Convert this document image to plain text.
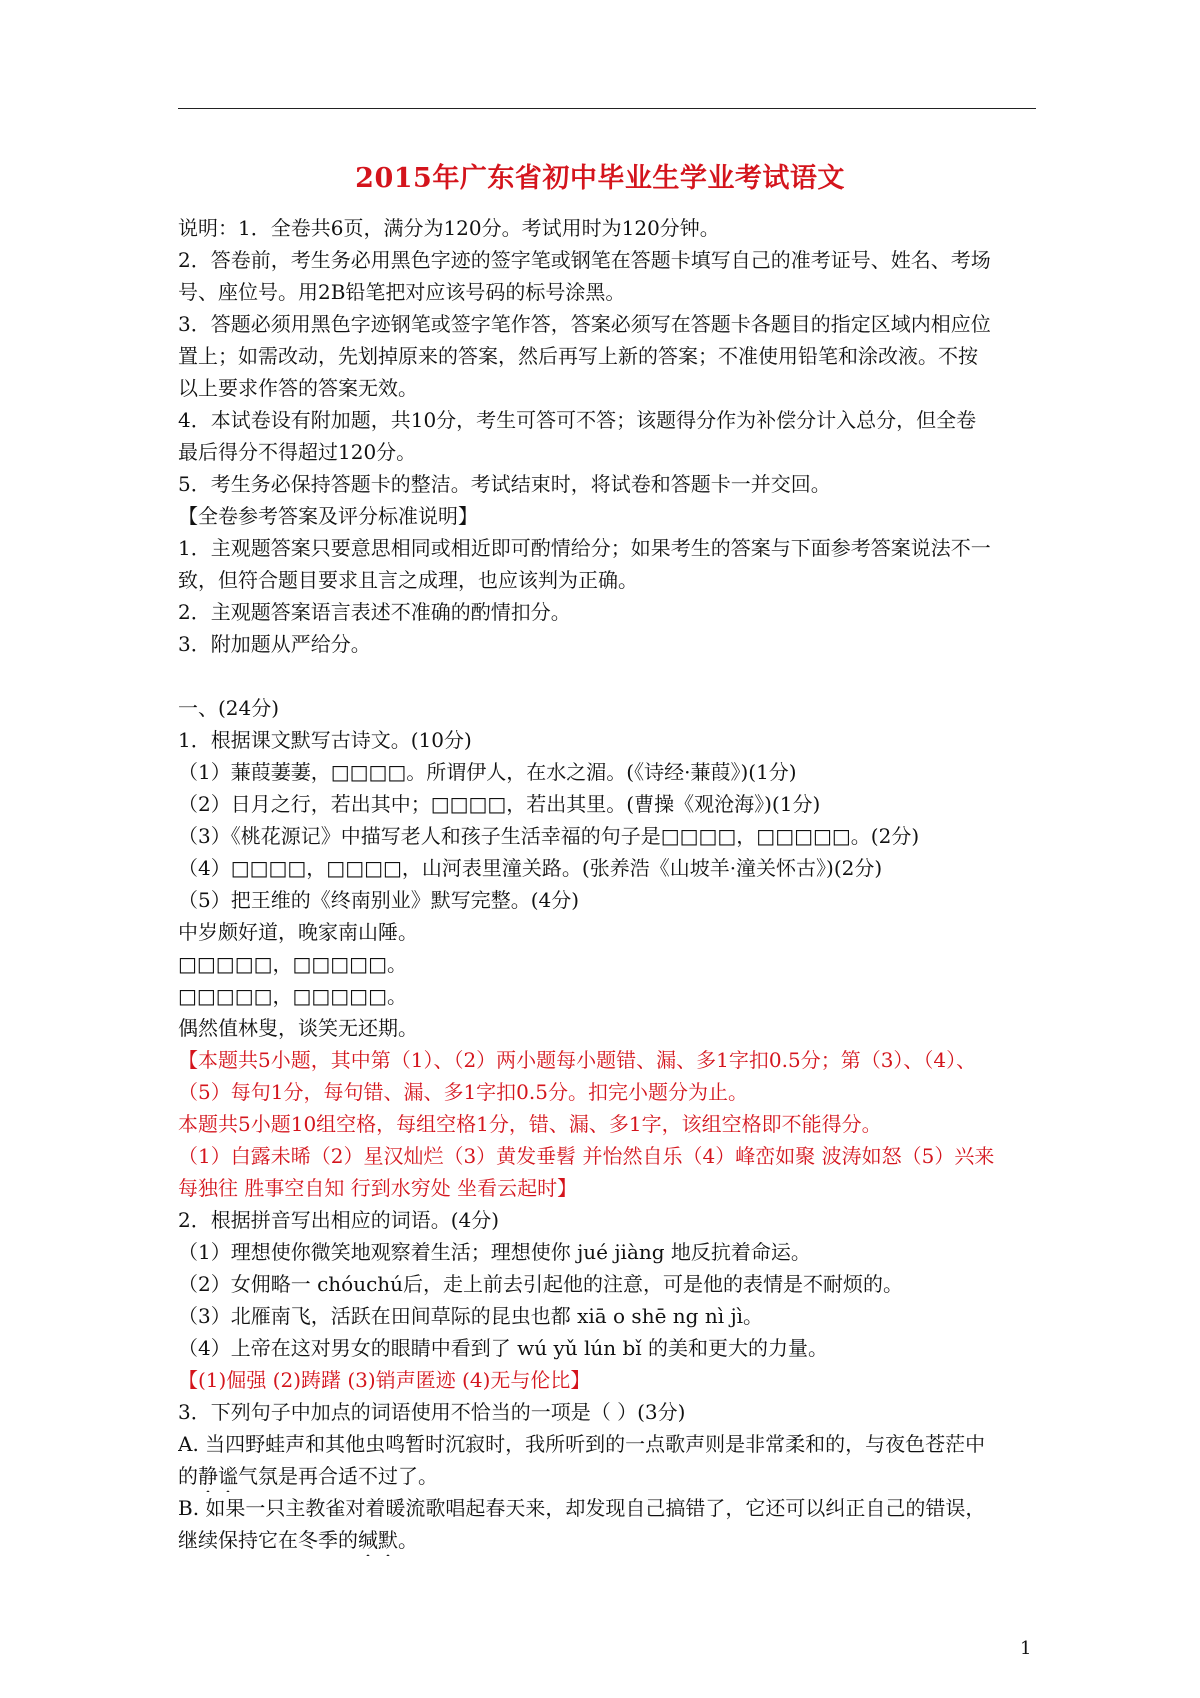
2015年广东省初中毕业生学业考试语文
说明：1．全卷共6页，满分为120分。考试用时为120分钟。
2．答卷前，考生务必用黑色字迹的签字笔或钢笔在答题卡填写自己的准考证号、姓名、考场
号、座位号。用2B铅笔把对应该号码的标号涂黑。
3．答题必须用黑色字迹钢笔或签字笔作答，答案必须写在答题卡各题目的指定区域内相应位
置上；如需改动，先划掉原来的答案，然后再写上新的答案；不准使用铅笔和涂改液。不按
以上要求作答的答案无效。
4．本试卷设有附加题，共10分，考生可答可不答；该题得分作为补偿分计入总分，但全卷
最后得分不得超过120分。
5．考生务必保持答题卡的整洁。考试结束时，将试卷和答题卡一并交回。
【全卷参考答案及评分标准说明】
1．主观题答案只要意思相同或相近即可酌情给分；如果考生的答案与下面参考答案说法不一
致，但符合题目要求且言之成理，也应该判为正确。
2．主观题答案语言表述不准确的酌情扣分。
3．附加题从严给分。
一、(24分)
1．根据课文默写古诗文。(10分)
（1）蒹葭萋萋，□□□□。所谓伊人，在水之湄。(《诗经·蒹葭》)(1分)
（2）日月之行，若出其中；□□□□，若出其里。(曹操《观沧海》)(1分)
（3）《桃花源记》中描写老人和孩子生活幸福的句子是□□□□，□□□□□。(2分)
（4）□□□□，□□□□，山河表里潼关路。(张养浩《山坡羊·潼关怀古》)(2分)
（5）把王维的《终南别业》默写完整。(4分)
中岁颇好道，晚家南山陲。
□□□□□，□□□□□。
□□□□□，□□□□□。
偶然值林叟，谈笑无还期。
【本题共5小题，其中第（1）、（2）两小题每小题错、漏、多1字扣0.5分；第（3）、（4）、
（5）每句1分，每句错、漏、多1字扣0.5分。扣完小题分为止。
本题共5小题10组空格，每组空格1分，错、漏、多1字，该组空格即不能得分。
（1）白露未晞（2）星汉灿烂（3）黄发垂髫 并怡然自乐（4）峰峦如聚 波涛如怒（5）兴来
每独往 胜事空自知 行到水穷处 坐看云起时】
2．根据拼音写出相应的词语。(4分)
（1）理想使你微笑地观察着生活；理想使你 jué jiàng 地反抗着命运。
（2）女佣略一 chóuchú后，走上前去引起他的注意，可是他的表情是不耐烦的。
（3）北雁南飞，活跃在田间草际的昆虫也都 xiā o shē ng nì jì。
（4）上帝在这对男女的眼睛中看到了 wú yǔ lún bǐ 的美和更大的力量。
【(1)倔强 (2)踌躇 (3)销声匿迹 (4)无与伦比】
3．下列句子中加点的词语使用不恰当的一项是（ ）(3分)
A. 当四野蛙声和其他虫鸣暂时沉寂时，我所听到的一点歌声则是非常柔和的，与夜色苍茫中
的静谧气氛是再合适不过了。
B. 如果一只主教雀对着暖流歌唱起春天来，却发现自己搞错了，它还可以纠正自己的错误，
继续保持它在冬季的缄默。
1
